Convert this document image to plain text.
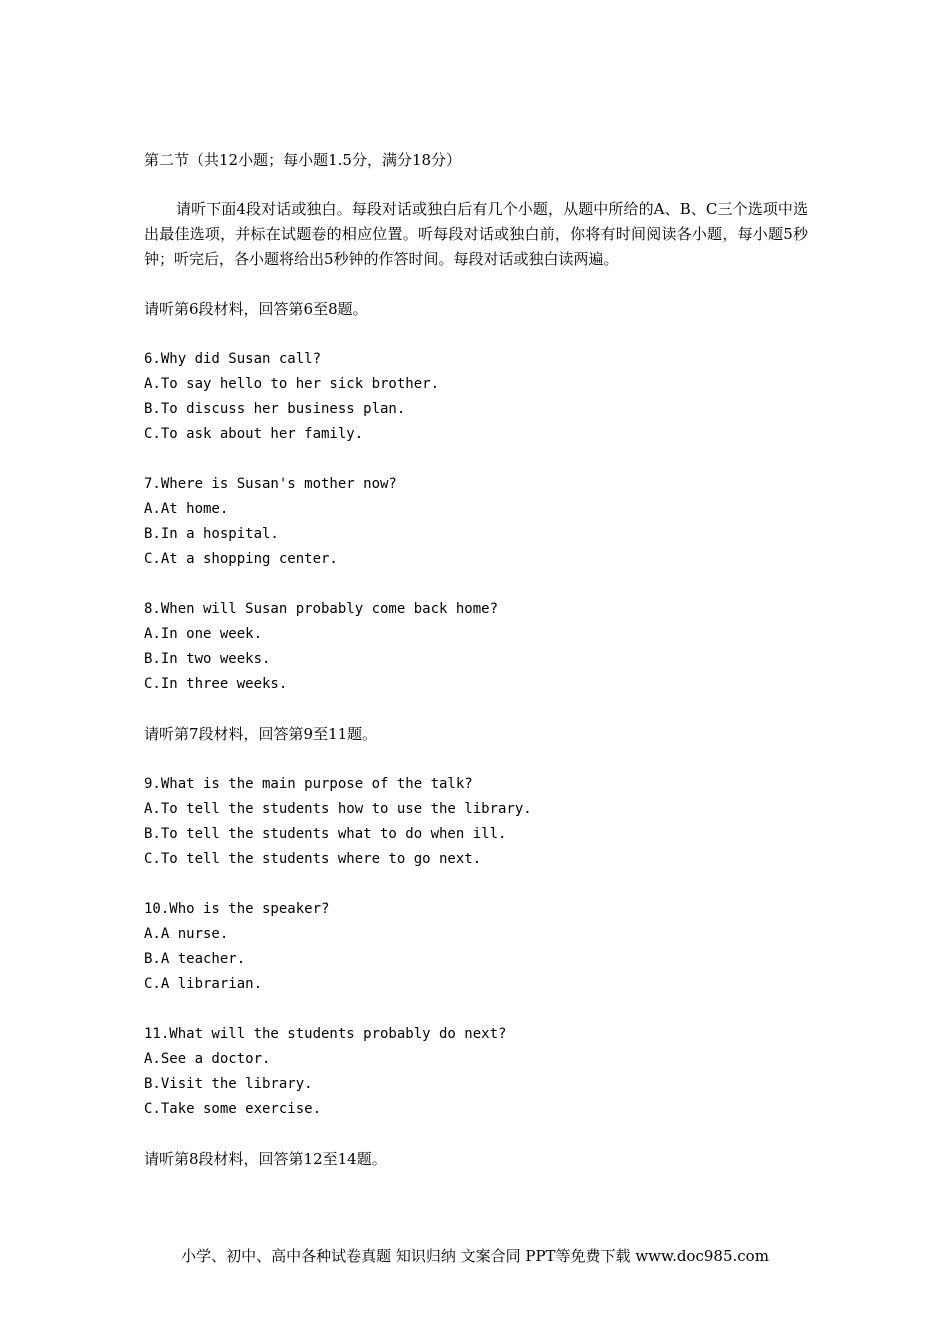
第二节（共12小题；每小题1.5分，满分18分）
请听下面4段对话或独白。每段对话或独白后有几个小题，从题中所给的A、B、C三个选项中选出最佳选项，并标在试题卷的相应位置。听每段对话或独白前，你将有时间阅读各小题，每小题5秒钟；听完后，各小题将给出5秒钟的作答时间。每段对话或独白读两遍。
请听第6段材料，回答第6至8题。
6.Why did Susan call?
A.To say hello to her sick brother.
B.To discuss her business plan.
C.To ask about her family.
7.Where is Susan's mother now?
A.At home.
B.In a hospital.
C.At a shopping center.
8.When will Susan probably come back home?
A.In one week.
B.In two weeks.
C.In three weeks.
请听第7段材料，回答第9至11题。
9.What is the main purpose of the talk?
A.To tell the students how to use the library.
B.To tell the students what to do when ill.
C.To tell the students where to go next.
10.Who is the speaker?
A.A nurse.
B.A teacher.
C.A librarian.
11.What will the students probably do next?
A.See a doctor.
B.Visit the library.
C.Take some exercise.
请听第8段材料，回答第12至14题。
小学、初中、高中各种试卷真题 知识归纳 文案合同 PPT等免费下载 www.doc985.com
